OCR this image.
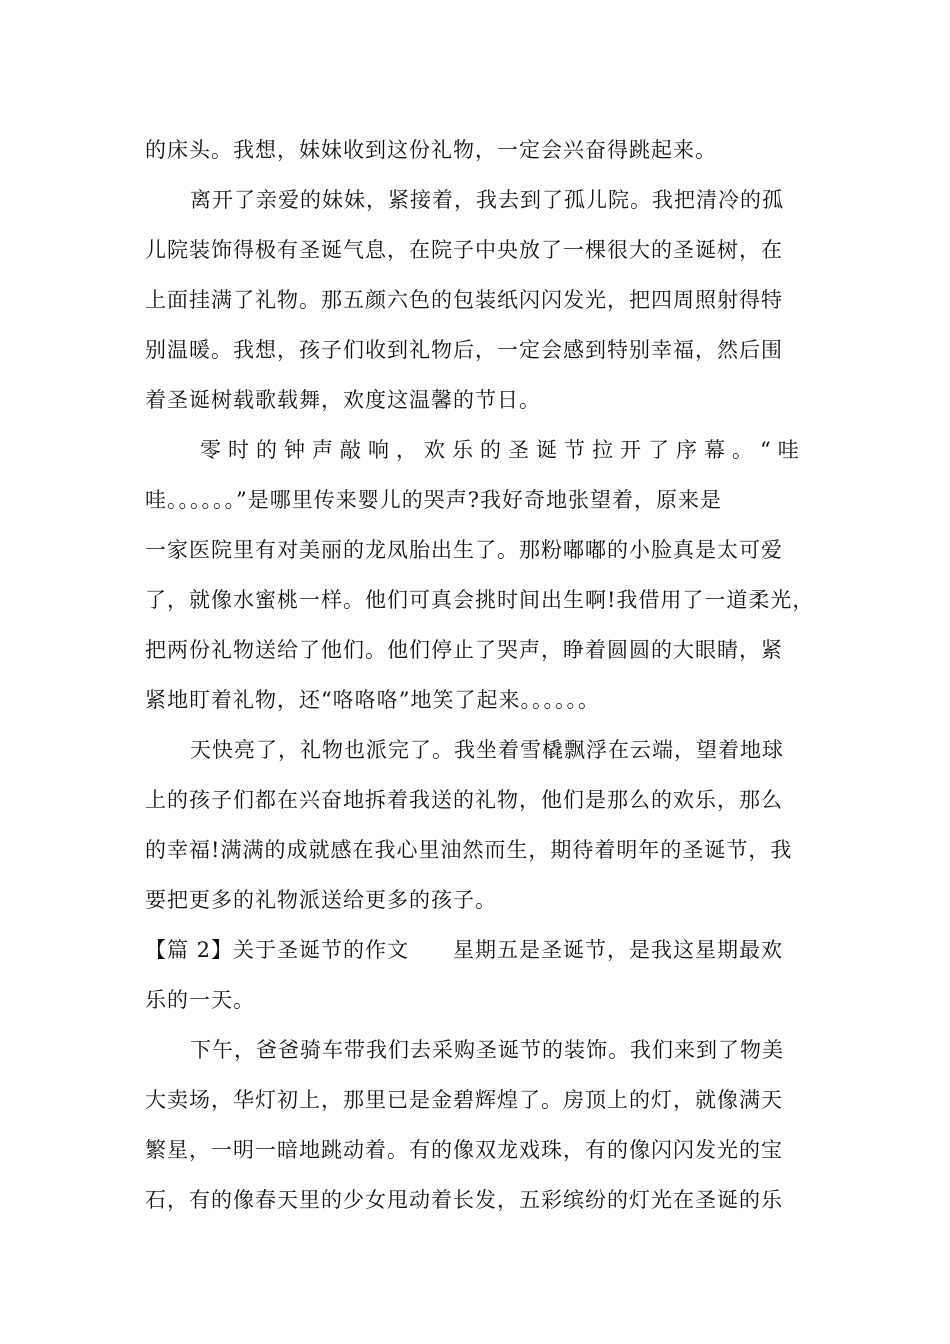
的床头。我想，妹妹收到这份礼物，一定会兴奋得跳起来。
离开了亲爱的妹妹，紧接着，我去到了孤儿院。我把清冷的孤
儿院装饰得极有圣诞气息，在院子中央放了一棵很大的圣诞树，在
上面挂满了礼物。那五颜六色的包装纸闪闪发光，把四周照射得特
别温暖。我想，孩子们收到礼物后，一定会感到特别幸福，然后围
着圣诞树载歌载舞，欢度这温馨的节日。
零时的钟声敲响，欢乐的圣诞节拉开了序幕。“哇
哇。。。。。。”是哪里传来婴儿的哭声?我好奇地张望着，原来是
一家医院里有对美丽的龙凤胎出生了。那粉嘟嘟的小脸真是太可爱
了，就像水蜜桃一样。他们可真会挑时间出生啊!我借用了一道柔光，
把两份礼物送给了他们。他们停止了哭声，睁着圆圆的大眼睛，紧
紧地盯着礼物，还“咯咯咯”地笑了起来。。。。。。
天快亮了，礼物也派完了。我坐着雪橇飘浮在云端，望着地球
上的孩子们都在兴奋地拆着我送的礼物，他们是那么的欢乐，那么
的幸福!满满的成就感在我心里油然而生，期待着明年的圣诞节，我
要把更多的礼物派送给更多的孩子。
【篇 2】关于圣诞节的作文　　星期五是圣诞节，是我这星期最欢
乐的一天。
下午，爸爸骑车带我们去采购圣诞节的装饰。我们来到了物美
大卖场，华灯初上，那里已是金碧辉煌了。房顶上的灯，就像满天
繁星，一明一暗地跳动着。有的像双龙戏珠，有的像闪闪发光的宝
石，有的像春天里的少女甩动着长发，五彩缤纷的灯光在圣诞的乐
